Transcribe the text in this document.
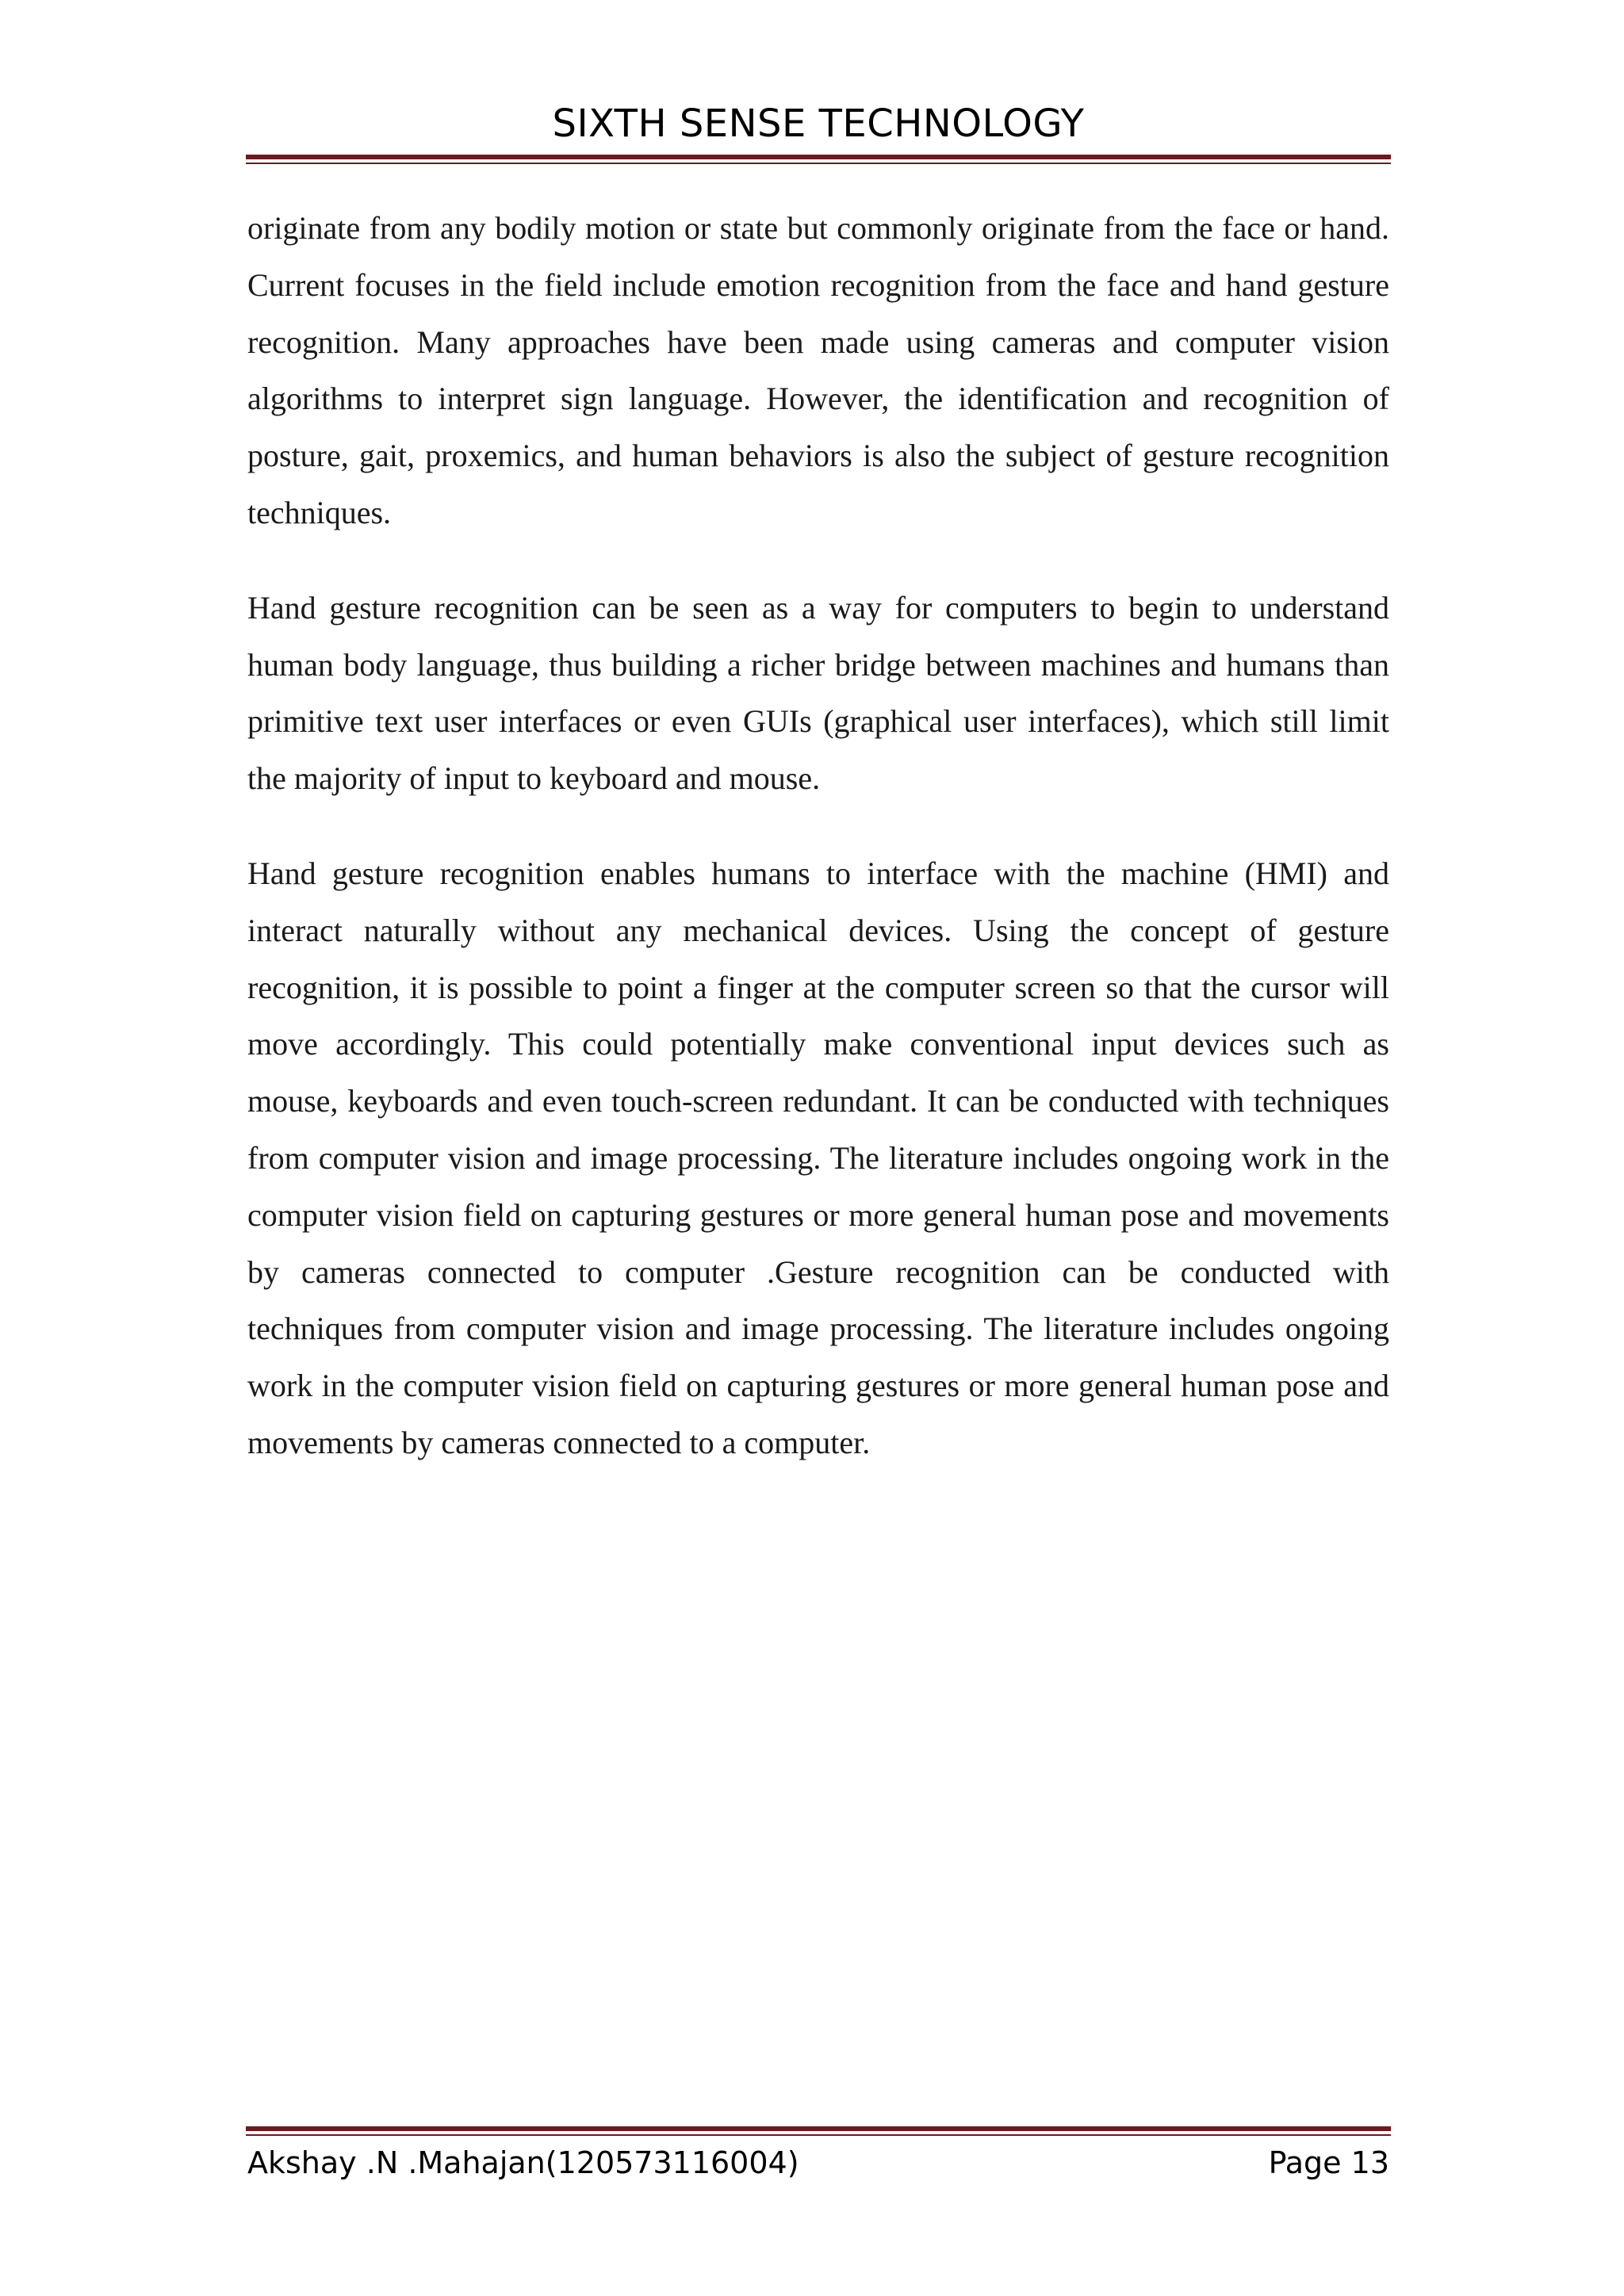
SIXTH SENSE TECHNOLOGY

originate from any bodily motion or state but commonly originate from the face or hand. Current focuses in the field include emotion recognition from the face and hand gesture recognition. Many approaches have been made using cameras and computer vision algorithms to interpret sign language. However, the identification and recognition of posture, gait, proxemics, and human behaviors is also the subject of gesture recognition techniques.

Hand gesture recognition can be seen as a way for computers to begin to understand human body language, thus building a richer bridge between machines and humans than primitive text user interfaces or even GUIs (graphical user interfaces), which still limit the majority of input to keyboard and mouse.

Hand gesture recognition enables humans to interface with the machine (HMI) and interact naturally without any mechanical devices. Using the concept of gesture recognition, it is possible to point a finger at the computer screen so that the cursor will move accordingly. This could potentially make conventional input devices such as mouse, keyboards and even touch-screen redundant. It can be conducted with techniques from computer vision and image processing. The literature includes ongoing work in the computer vision field on capturing gestures or more general human pose and movements by cameras connected to computer .Gesture recognition can be conducted with techniques from computer vision and image processing. The literature includes ongoing work in the computer vision field on capturing gestures or more general human pose and movements by cameras connected to a computer.

Akshay .N .Mahajan(120573116004)	Page 13
